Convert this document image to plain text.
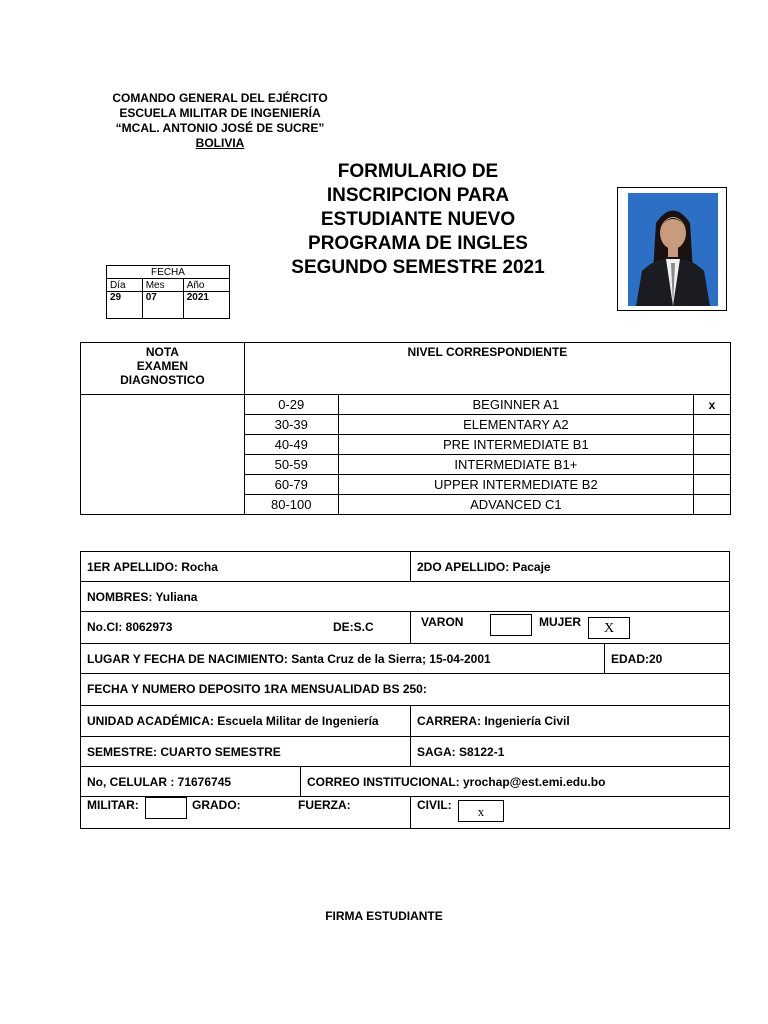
COMANDO GENERAL DEL EJÉRCITO
ESCUELA MILITAR DE INGENIERÍA
“MCAL. ANTONIO JOSÉ DE SUCRE”
BOLIVIA
FORMULARIO DE
INSCRIPCION PARA
ESTUDIANTE NUEVO
PROGRAMA DE INGLES
SEGUNDO SEMESTRE 2021
FECHA		
Día	Mes	Año
29	07	2021
NOTA
EXAMEN
DIAGNOSTICO	NIVEL CORRESPONDIENTE		
	0-29	BEGINNER A1	x
	30-39	ELEMENTARY A2	
	40-49	PRE INTERMEDIATE B1	
	50-59	INTERMEDIATE B1+	
	60-79	UPPER INTERMEDIATE B2	
	80-100	ADVANCED C1	
1ER APELLIDO: Rocha	2DO APELLIDO: Pacaje
NOMBRES: Yuliana
No.CI: 8062973	DE:S.C	VARON	MUJER	X
LUGAR Y FECHA DE NACIMIENTO: Santa Cruz de la Sierra; 15-04-2001	EDAD:20
FECHA Y NUMERO DEPOSITO 1RA MENSUALIDAD BS 250:
UNIDAD ACADÉMICA: Escuela Militar de Ingeniería	CARRERA: Ingeniería Civil
SEMESTRE: CUARTO SEMESTRE	SAGA: S8122-1
No, CELULAR : 71676745	CORREO INSTITUCIONAL: yrochap@est.emi.edu.bo
MILITAR:	GRADO:	FUERZA:	CIVIL:	x
FIRMA ESTUDIANTE
